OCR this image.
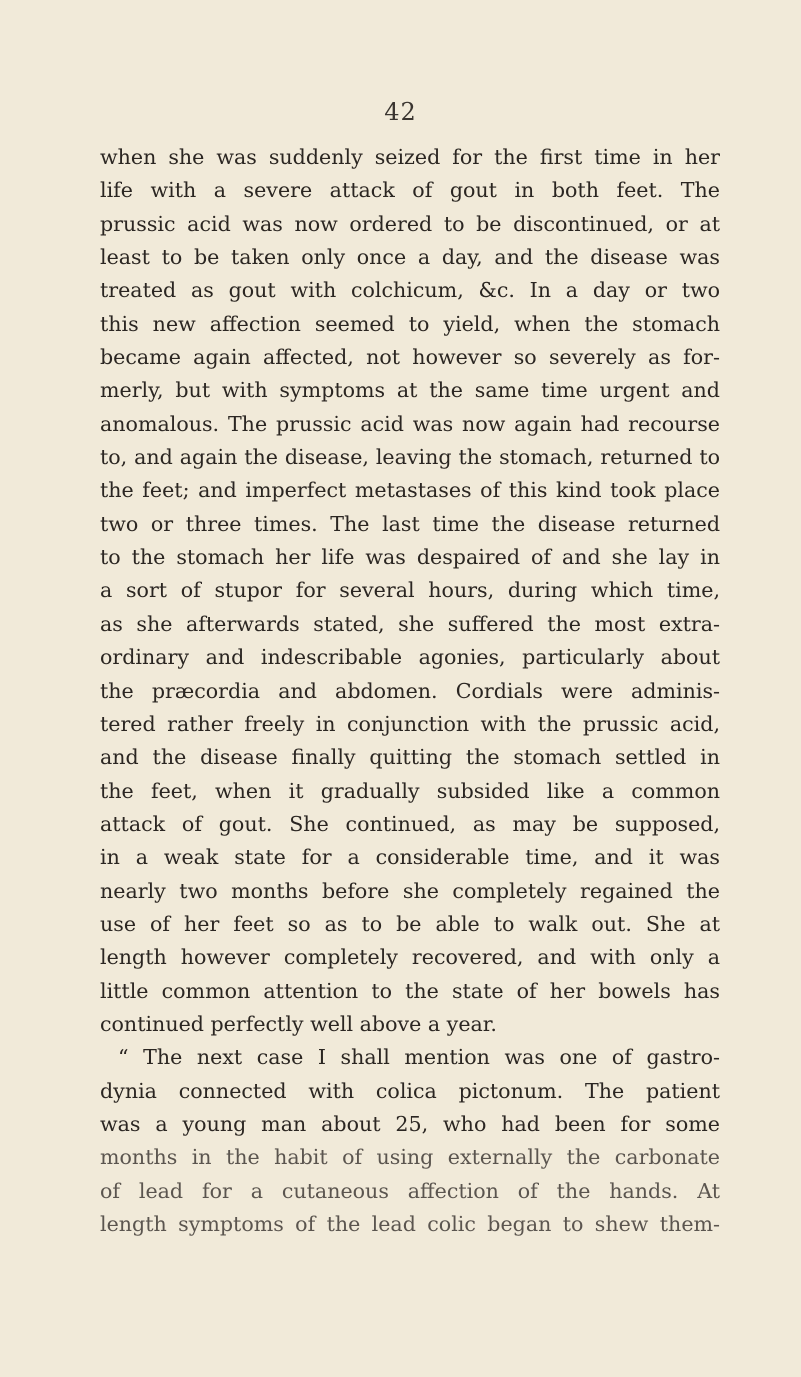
42
when she was suddenly seized for the first time in her
life with a severe attack of gout in both feet. The
prussic acid was now ordered to be discontinued, or at
least to be taken only once a day, and the disease was
treated as gout with colchicum, &c. In a day or two
this new affection seemed to yield, when the stomach
became again affected, not however so severely as for-
merly, but with symptoms at the same time urgent and
anomalous. The prussic acid was now again had recourse
to, and again the disease, leaving the stomach, returned to
the feet; and imperfect metastases of this kind took place
two or three times. The last time the disease returned
to the stomach her life was despaired of and she lay in
a sort of stupor for several hours, during which time,
as she afterwards stated, she suffered the most extra-
ordinary and indescribable agonies, particularly about
the præcordia and abdomen. Cordials were adminis-
tered rather freely in conjunction with the prussic acid,
and the disease finally quitting the stomach settled in
the feet, when it gradually subsided like a common
attack of gout. She continued, as may be supposed,
in a weak state for a considerable time, and it was
nearly two months before she completely regained the
use of her feet so as to be able to walk out. She at
length however completely recovered, and with only a
little common attention to the state of her bowels has
continued perfectly well above a year.
“ The next case I shall mention was one of gastro-
dynia connected with colica pictonum. The patient
was a young man about 25, who had been for some
months in the habit of using externally the carbonate
of lead for a cutaneous affection of the hands. At
length symptoms of the lead colic began to shew them-
